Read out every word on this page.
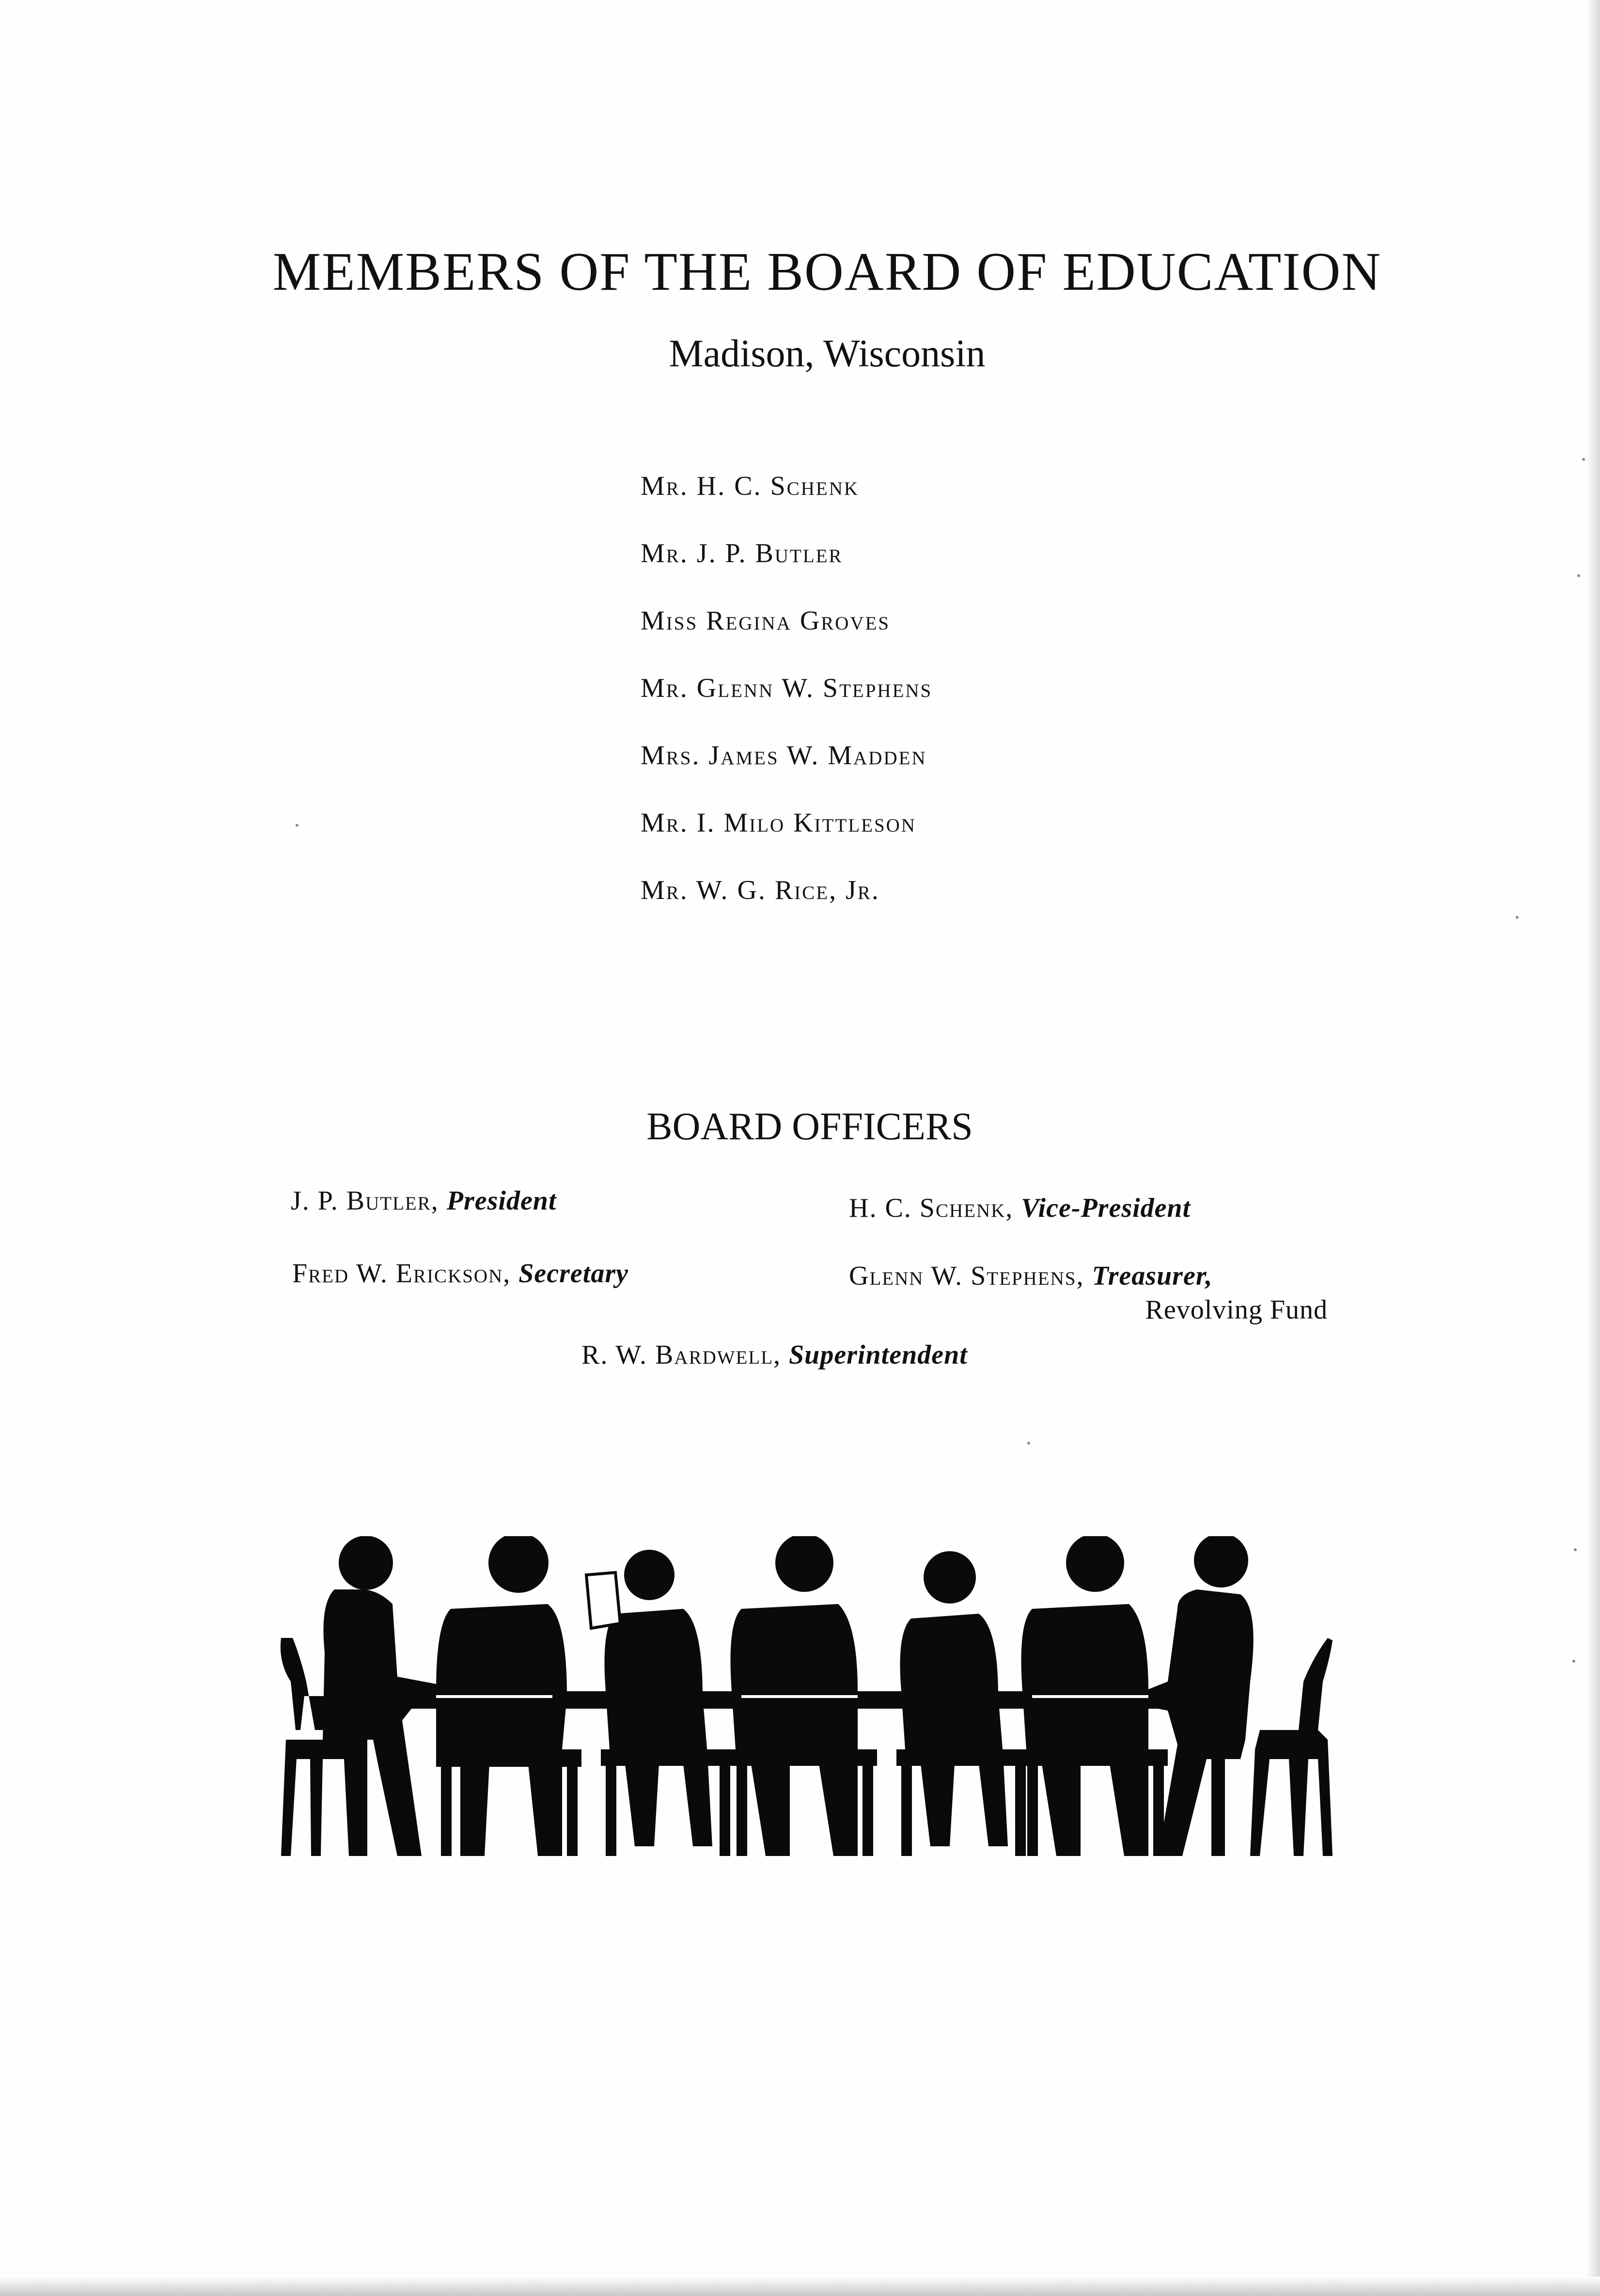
MEMBERS OF THE BOARD OF EDUCATION
Madison, Wisconsin
Mr. H. C. Schenk
Mr. J. P. Butler
Miss Regina Groves
Mr. Glenn W. Stephens
Mrs. James W. Madden
Mr. I. Milo Kittleson
Mr. W. G. Rice, Jr.
BOARD OFFICERS
J. P. Butler, President	H. C. Schenk, Vice-President
Fred W. Erickson, Secretary	Glenn W. Stephens, Treasurer,
Revolving Fund
R. W. Bardwell, Superintendent
